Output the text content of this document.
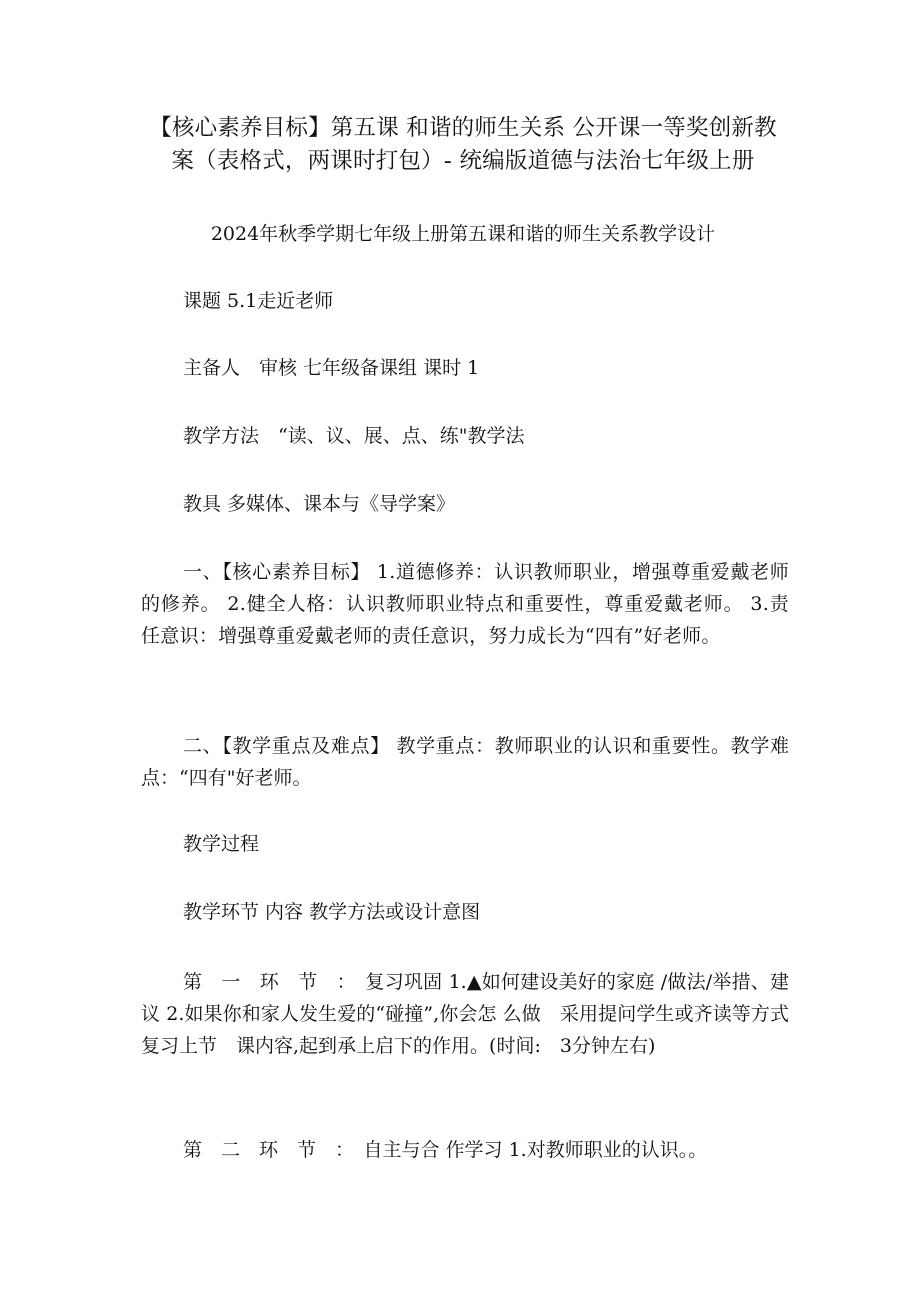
【核心素养目标】第五课 和谐的师生关系 公开课一等奖创新教案（表格式，两课时打包）- 统编版道德与法治七年级上册

2024年秋季学期七年级上册第五课和谐的师生关系教学设计

课题 5.1走近老师

主备人　审核 七年级备课组 课时 1

教学方法　“读、议、展、点、练"教学法

教具 多媒体、课本与《导学案》

一、【核心素养目标】 1.道德修养：认识教师职业，增强尊重爱戴老师的修养。 2.健全人格：认识教师职业特点和重要性，尊重爱戴老师。 3.责任意识：增强尊重爱戴老师的责任意识，努力成长为“四有”好老师。

二、【教学重点及难点】 教学重点：教师职业的认识和重要性。教学难点：“四有"好老师。

教学过程

教学环节 内容 教学方法或设计意图

第　一　环　节　：　复习巩固 1.▲如何建设美好的家庭 /做法/举措、建 议 2.如果你和家人发生爱的“碰撞”,你会怎 么做　采用提问学生或齐读等方式复习上节　课内容,起到承上启下的作用。(时间:　3分钟左右)

第　二　环　节　：　自主与合 作学习 1.对教师职业的认识。。
